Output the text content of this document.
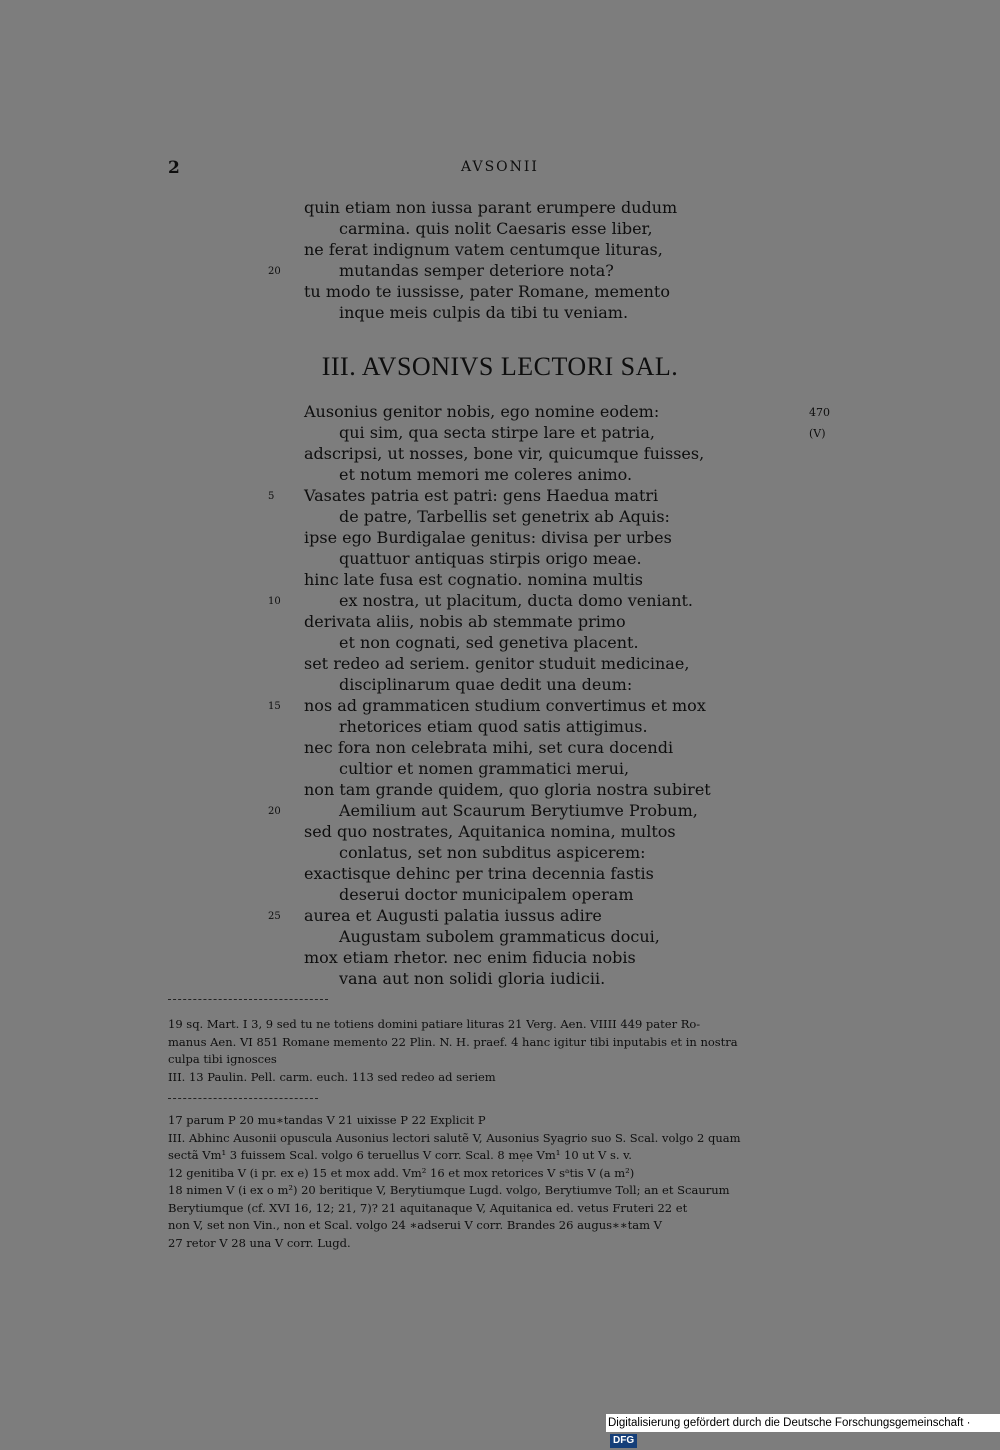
2	AVSONII
quin etiam non iussa parant erumpere dudum
carmina. quis nolit Caesaris esse liber,
ne ferat indignum vatem centumque lituras,
20	mutandas semper deteriore nota?
tu modo te iussisse, pater Romane, memento
inque meis culpis da tibi tu veniam.
III. AVSONIVS LECTORI SAL.
Ausonius genitor nobis, ego nomine eodem:	470
qui sim, qua secta stirpe lare et patria,	(V)
adscripsi, ut nosses, bone vir, quicumque fuisses,
et notum memori me coleres animo.
5 Vasates patria est patri: gens Haedua matri
de patre, Tarbellis set genetrix ab Aquis:
ipse ego Burdigalae genitus: divisa per urbes
quattuor antiquas stirpis origo meae.
hinc late fusa est cognatio. nomina multis
10	ex nostra, ut placitum, ducta domo veniant.
derivata aliis, nobis ab stemmate primo
et non cognati, sed genetiva placent.
set redeo ad seriem. genitor studuit medicinae,
disciplinarum quae dedit una deum:
15 nos ad grammaticen studium convertimus et mox
rhetorices etiam quod satis attigimus.
nec fora non celebrata mihi, set cura docendi
cultior et nomen grammatici merui,
non tam grande quidem, quo gloria nostra subiret
20	Aemilium aut Scaurum Berytiumve Probum,
sed quo nostrates, Aquitanica nomina, multos
conlatus, set non subditus aspicerem:
exactisque dehinc per trina decennia fastis
deserui doctor municipalem operam
25 aurea et Augusti palatia iussus adire
Augustam subolem grammaticus docui,
mox etiam rhetor. nec enim fiducia nobis
vana aut non solidi gloria iudicii.
19 sq. Mart. I 3, 9 sed tu ne totiens domini patiare lituras 21 Verg. Aen. VIIII 449 pater Ro-
manus Aen. VI 851 Romane memento 22 Plin. N. H. praef. 4 hanc igitur tibi inputabis et in nostra
culpa tibi ignosces
III. 13 Paulin. Pell. carm. euch. 113 sed redeo ad seriem
17 parum P 20 mu∗tandas V 21 uixisse P 22 Explicit P
III. Abhinc Ausonii opuscula Ausonius lectori salutẽ V, Ausonius Syagrio suo S. Scal. volgo 2 quam
sectã Vm¹ 3 fuissem Scal. volgo 6 teruellus V corr. Scal. 8 mẹe Vm¹ 10 ut V s. v.
12 genitiba V (i pr. ex e) 15 et mox add. Vm² 16 et mox retorices V sᵃtis V (a m²)
18 nimen V (i ex o m²) 20 beritique V, Berytiumque Lugd. volgo, Berytiumve Toll; an et Scaurum
Berytiumque (cf. XVI 16, 12; 21, 7)? 21 aquitanaque V, Aquitanica ed. vetus Fruteri 22 et
non V, set non Vin., non et Scal. volgo 24 ∗adserui V corr. Brandes 26 augus∗∗tam V
27 retor V 28 una V corr. Lugd.
Digitalisierung gefördert durch die Deutsche Forschungsgemeinschaft · DFG
